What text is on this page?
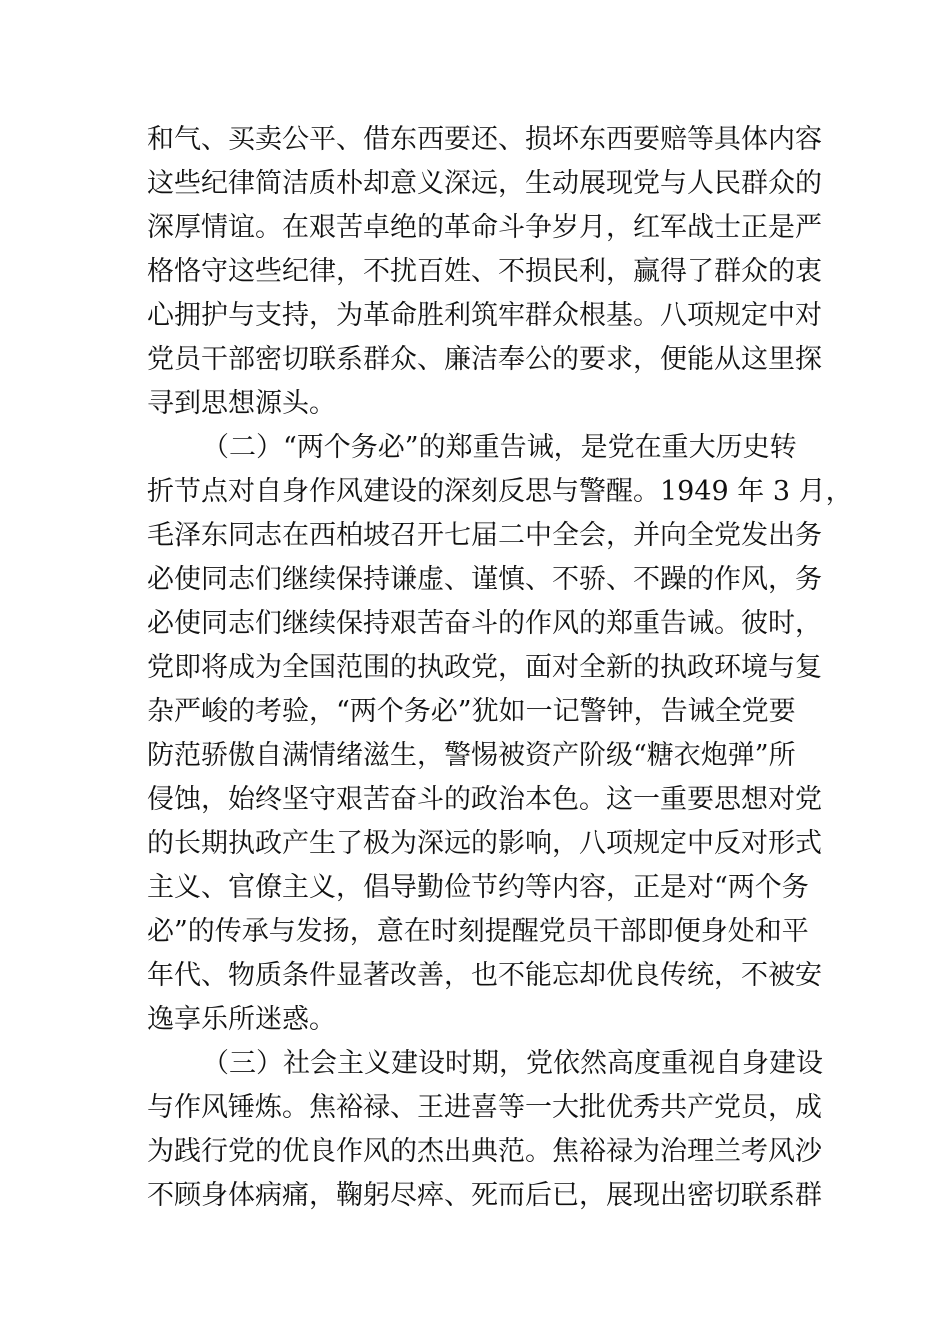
和气、买卖公平、借东西要还、损坏东西要赔等具体内容
这些纪律简洁质朴却意义深远，生动展现党与人民群众的
深厚情谊。在艰苦卓绝的革命斗争岁月，红军战士正是严
格恪守这些纪律，不扰百姓、不损民利，赢得了群众的衷
心拥护与支持，为革命胜利筑牢群众根基。八项规定中对
党员干部密切联系群众、廉洁奉公的要求，便能从这里探
寻到思想源头。
（二）“两个务必”的郑重告诫，是党在重大历史转
折节点对自身作风建设的深刻反思与警醒。1949 年 3 月，
毛泽东同志在西柏坡召开七届二中全会，并向全党发出务
必使同志们继续保持谦虚、谨慎、不骄、不躁的作风，务
必使同志们继续保持艰苦奋斗的作风的郑重告诫。彼时，
党即将成为全国范围的执政党，面对全新的执政环境与复
杂严峻的考验，“两个务必”犹如一记警钟，告诫全党要
防范骄傲自满情绪滋生，警惕被资产阶级“糖衣炮弹”所
侵蚀，始终坚守艰苦奋斗的政治本色。这一重要思想对党
的长期执政产生了极为深远的影响，八项规定中反对形式
主义、官僚主义，倡导勤俭节约等内容，正是对“两个务
必”的传承与发扬，意在时刻提醒党员干部即便身处和平
年代、物质条件显著改善，也不能忘却优良传统，不被安
逸享乐所迷惑。
（三）社会主义建设时期，党依然高度重视自身建设
与作风锤炼。焦裕禄、王进喜等一大批优秀共产党员，成
为践行党的优良作风的杰出典范。焦裕禄为治理兰考风沙
不顾身体病痛，鞠躬尽瘁、死而后已，展现出密切联系群
